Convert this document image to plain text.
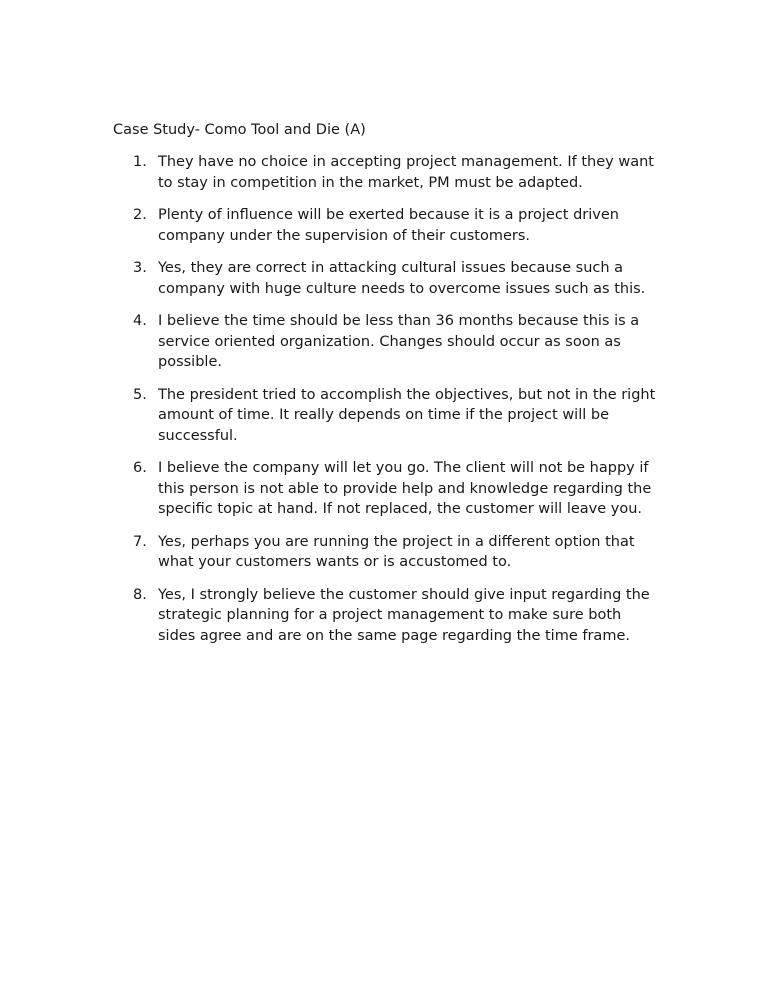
Case Study- Como Tool and Die (A)
1. They have no choice in accepting project management. If they want to stay in competition in the market, PM must be adapted.
2. Plenty of influence will be exerted because it is a project driven company under the supervision of their customers.
3. Yes, they are correct in attacking cultural issues because such a company with huge culture needs to overcome issues such as this.
4. I believe the time should be less than 36 months because this is a service oriented organization. Changes should occur as soon as possible.
5. The president tried to accomplish the objectives, but not in the right amount of time. It really depends on time if the project will be successful.
6. I believe the company will let you go. The client will not be happy if this person is not able to provide help and knowledge regarding the specific topic at hand. If not replaced, the customer will leave you.
7. Yes, perhaps you are running the project in a different option that what your customers wants or is accustomed to.
8. Yes, I strongly believe the customer should give input regarding the strategic planning for a project management to make sure both sides agree and are on the same page regarding the time frame.
